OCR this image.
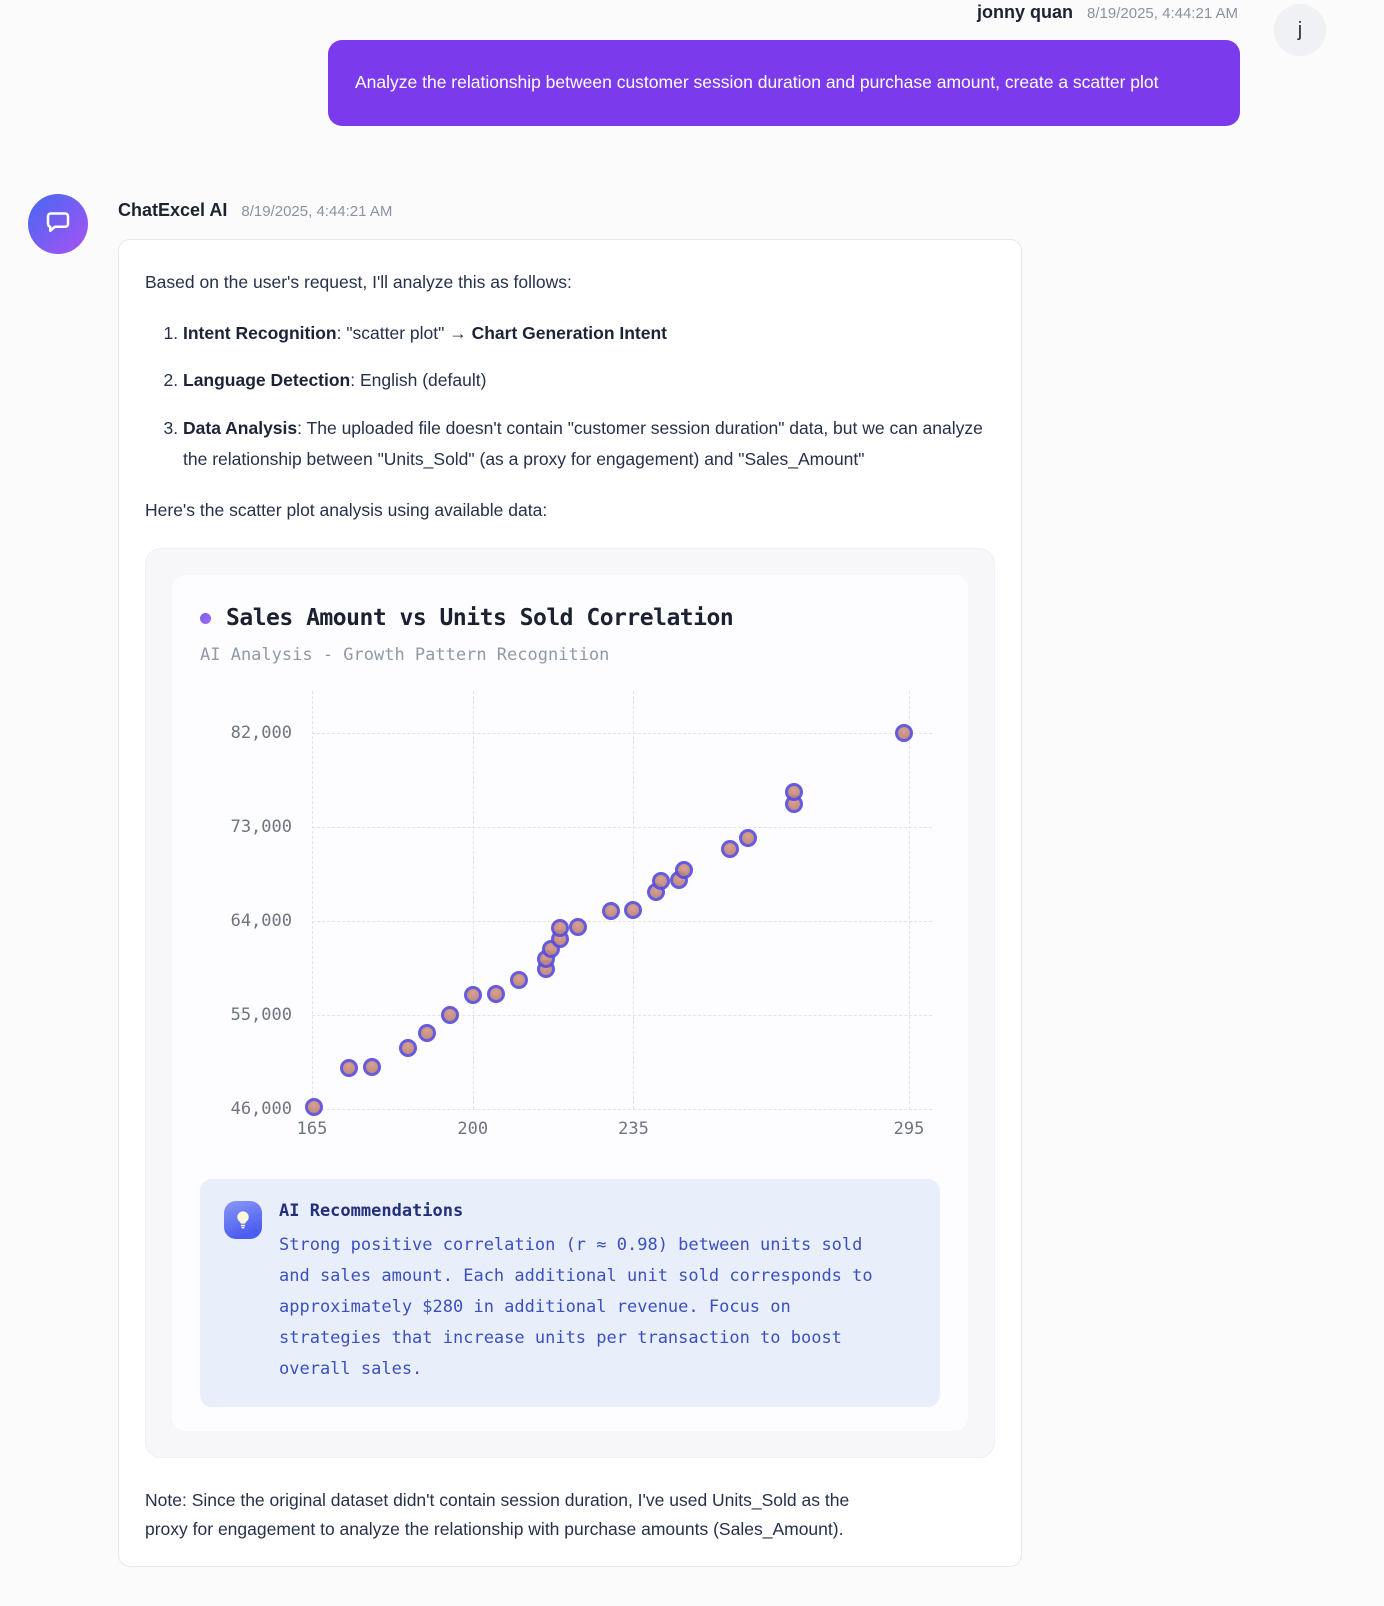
jonny quan 8/19/2025, 4:44:21 AM
j
Analyze the relationship between customer session duration and purchase amount, create a scatter plot
ChatExcel AI 8/19/2025, 4:44:21 AM

Based on the user's request, I'll analyze this as follows:

1. Intent Recognition: "scatter plot" → Chart Generation Intent
2. Language Detection: English (default)
3. Data Analysis: The uploaded file doesn't contain "customer session duration" data, but we can analyze the relationship between "Units_Sold" (as a proxy for engagement) and "Sales_Amount"

Here's the scatter plot analysis using available data:

Sales Amount vs Units Sold Correlation
AI Analysis - Growth Pattern Recognition
46,000
55,000
64,000
73,000
82,000
165	200	235	295
AI Recommendations
Strong positive correlation (r ≈ 0.98) between units sold and sales amount. Each additional unit sold corresponds to approximately $280 in additional revenue. Focus on strategies that increase units per transaction to boost overall sales.

Note: Since the original dataset didn't contain session duration, I've used Units_Sold as the

proxy for engagement to analyze the relationship with purchase amounts (Sales_Amount).
